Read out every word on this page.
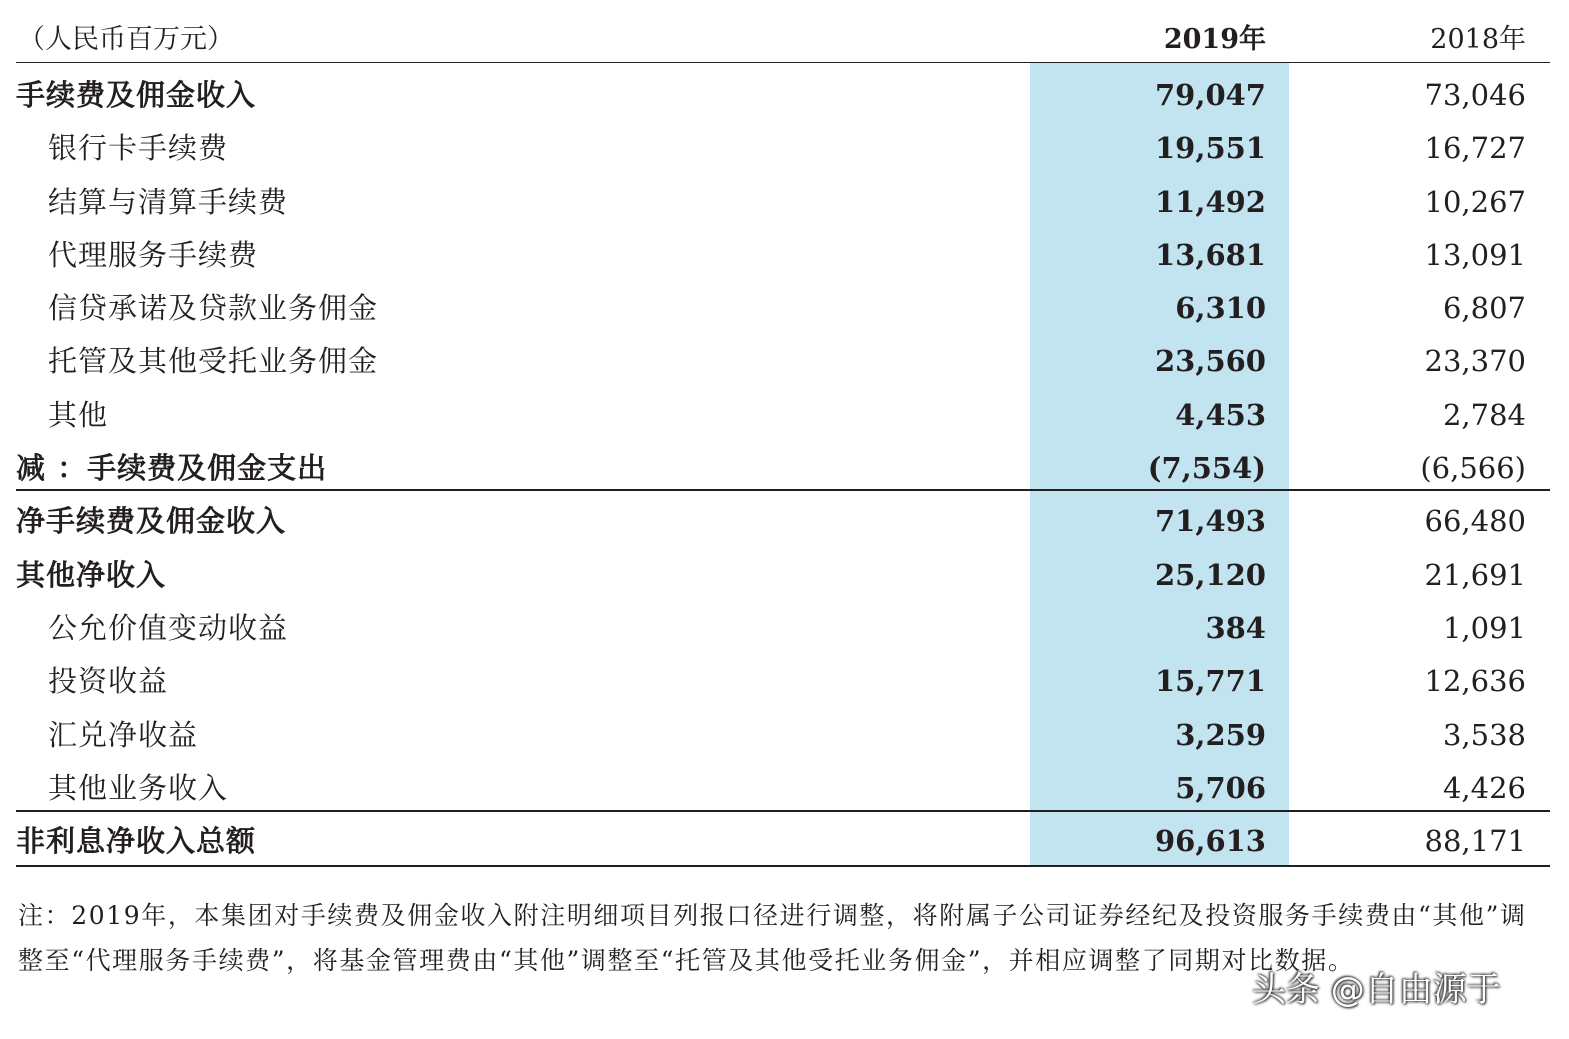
（人民币百万元）	2019年	2018年
手续费及佣金收入	79,047	73,046
银行卡手续费	19,551	16,727
结算与清算手续费	11,492	10,267
代理服务手续费	13,681	13,091
信贷承诺及贷款业务佣金	6,310	6,807
托管及其他受托业务佣金	23,560	23,370
其他	4,453	2,784
减 ：手续费及佣金支出	(7,554)	(6,566)
净手续费及佣金收入	71,493	66,480
其他净收入	25,120	21,691
公允价值变动收益	384	1,091
投资收益	15,771	12,636
汇兑净收益	3,259	3,538
其他业务收入	5,706	4,426
非利息净收入总额	96,613	88,171
注：2019年，本集团对手续费及佣金收入附注明细项目列报口径进行调整，将附属子公司证券经纪及投资服务手续费由“其他”调整至“代理服务手续费”，将基金管理费由“其他”调整至“托管及其他受托业务佣金”，并相应调整了同期对比数据。
头条 @自由源于
